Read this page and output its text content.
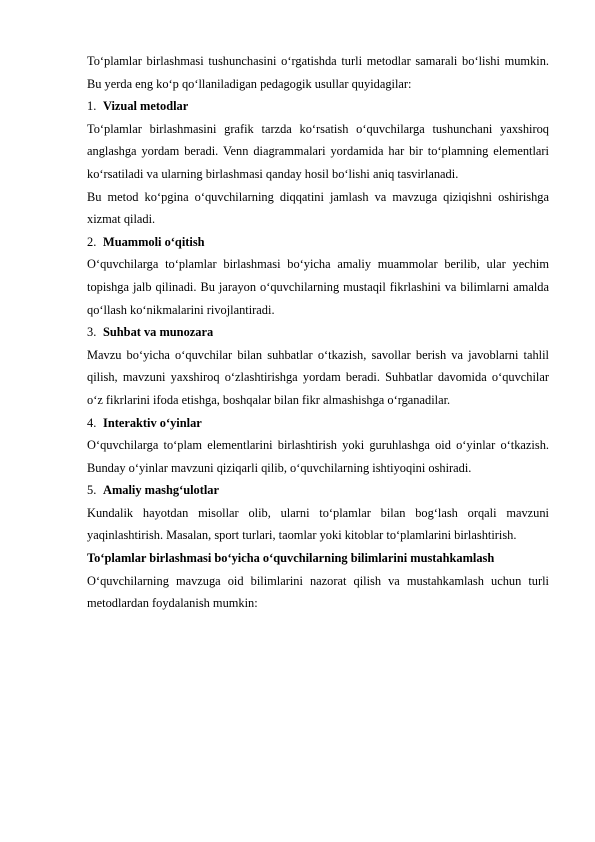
To‘plamlar birlashmasi tushunchasini o‘rgatishda turli metodlar samarali bo‘lishi mumkin. Bu yerda eng ko‘p qo‘llaniladigan pedagogik usullar quyidagilar:

1. Vizual metodlar

To‘plamlar birlashmasini grafik tarzda ko‘rsatish o‘quvchilarga tushunchani yaxshiroq anglashga yordam beradi. Venn diagrammalari yordamida har bir to‘plamning elementlari ko‘rsatiladi va ularning birlashmasi qanday hosil bo‘lishi aniq tasvirlanadi.

Bu metod ko‘pgina o‘quvchilarning diqqatini jamlash va mavzuga qiziqishni oshirishga xizmat qiladi.

2. Muammoli o‘qitish

O‘quvchilarga to‘plamlar birlashmasi bo‘yicha amaliy muammolar berilib, ular yechim topishga jalb qilinadi. Bu jarayon o‘quvchilarning mustaqil fikrlashini va bilimlarni amalda qo‘llash ko‘nikmalarini rivojlantiradi.

3. Suhbat va munozara

Mavzu bo‘yicha o‘quvchilar bilan suhbatlar o‘tkazish, savollar berish va javoblarni tahlil qilish, mavzuni yaxshiroq o‘zlashtirishga yordam beradi. Suhbatlar davomida o‘quvchilar o‘z fikrlarini ifoda etishga, boshqalar bilan fikr almashishga o‘rganadilar.

4. Interaktiv o‘yinlar

O‘quvchilarga to‘plam elementlarini birlashtirish yoki guruhlashga oid o‘yinlar o‘tkazish. Bunday o‘yinlar mavzuni qiziqarli qilib, o‘quvchilarning ishtiyoqini oshiradi.

5. Amaliy mashg‘ulotlar

Kundalik hayotdan misollar olib, ularni to‘plamlar bilan bog‘lash orqali mavzuni yaqinlashtirish. Masalan, sport turlari, taomlar yoki kitoblar to‘plamlarini birlashtirish.

To‘plamlar birlashmasi bo‘yicha o‘quvchilarning bilimlarini mustahkamlash

O‘quvchilarning mavzuga oid bilimlarini nazorat qilish va mustahkamlash uchun turli metodlardan foydalanish mumkin:
